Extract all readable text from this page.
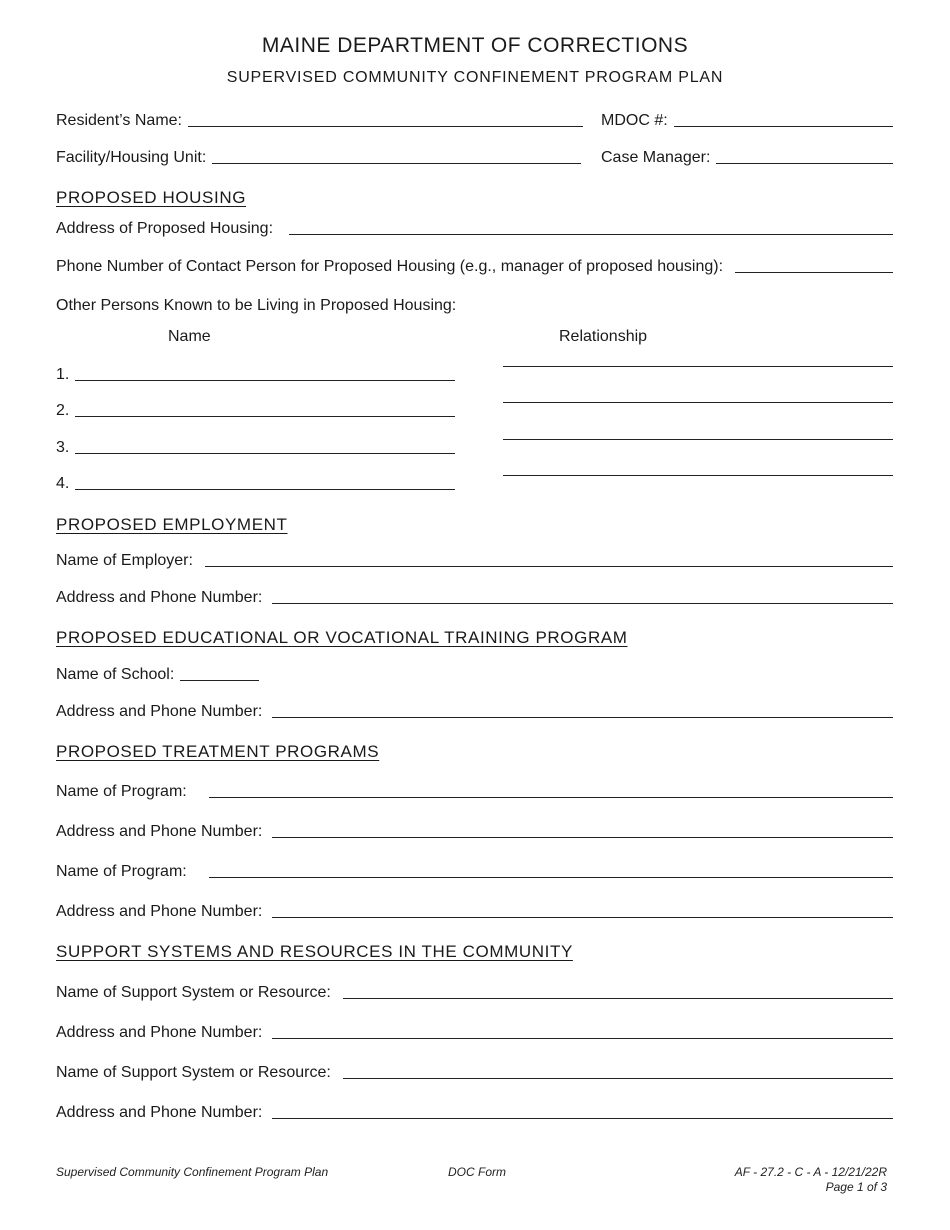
MAINE DEPARTMENT OF CORRECTIONS
SUPERVISED COMMUNITY CONFINEMENT PROGRAM PLAN
Resident’s Name:	MDOC #:
Facility/Housing Unit:	Case Manager:
PROPOSED HOUSING
Address of Proposed Housing:
Phone Number of Contact Person for Proposed Housing (e.g., manager of proposed housing):
Other Persons Known to be Living in Proposed Housing:
Name	Relationship
1.
2.
3.
4.
PROPOSED EMPLOYMENT
Name of Employer:
Address and Phone Number:
PROPOSED EDUCATIONAL OR VOCATIONAL TRAINING PROGRAM
Name of School:
Address and Phone Number:
PROPOSED TREATMENT PROGRAMS
Name of Program:
Address and Phone Number:
Name of Program:
Address and Phone Number:
SUPPORT SYSTEMS AND RESOURCES IN THE COMMUNITY
Name of Support System or Resource:
Address and Phone Number:
Name of Support System or Resource:
Address and Phone Number:
Supervised Community Confinement Program Plan	DOC Form	AF - 27.2 - C - A - 12/21/22R
Page 1 of 3
